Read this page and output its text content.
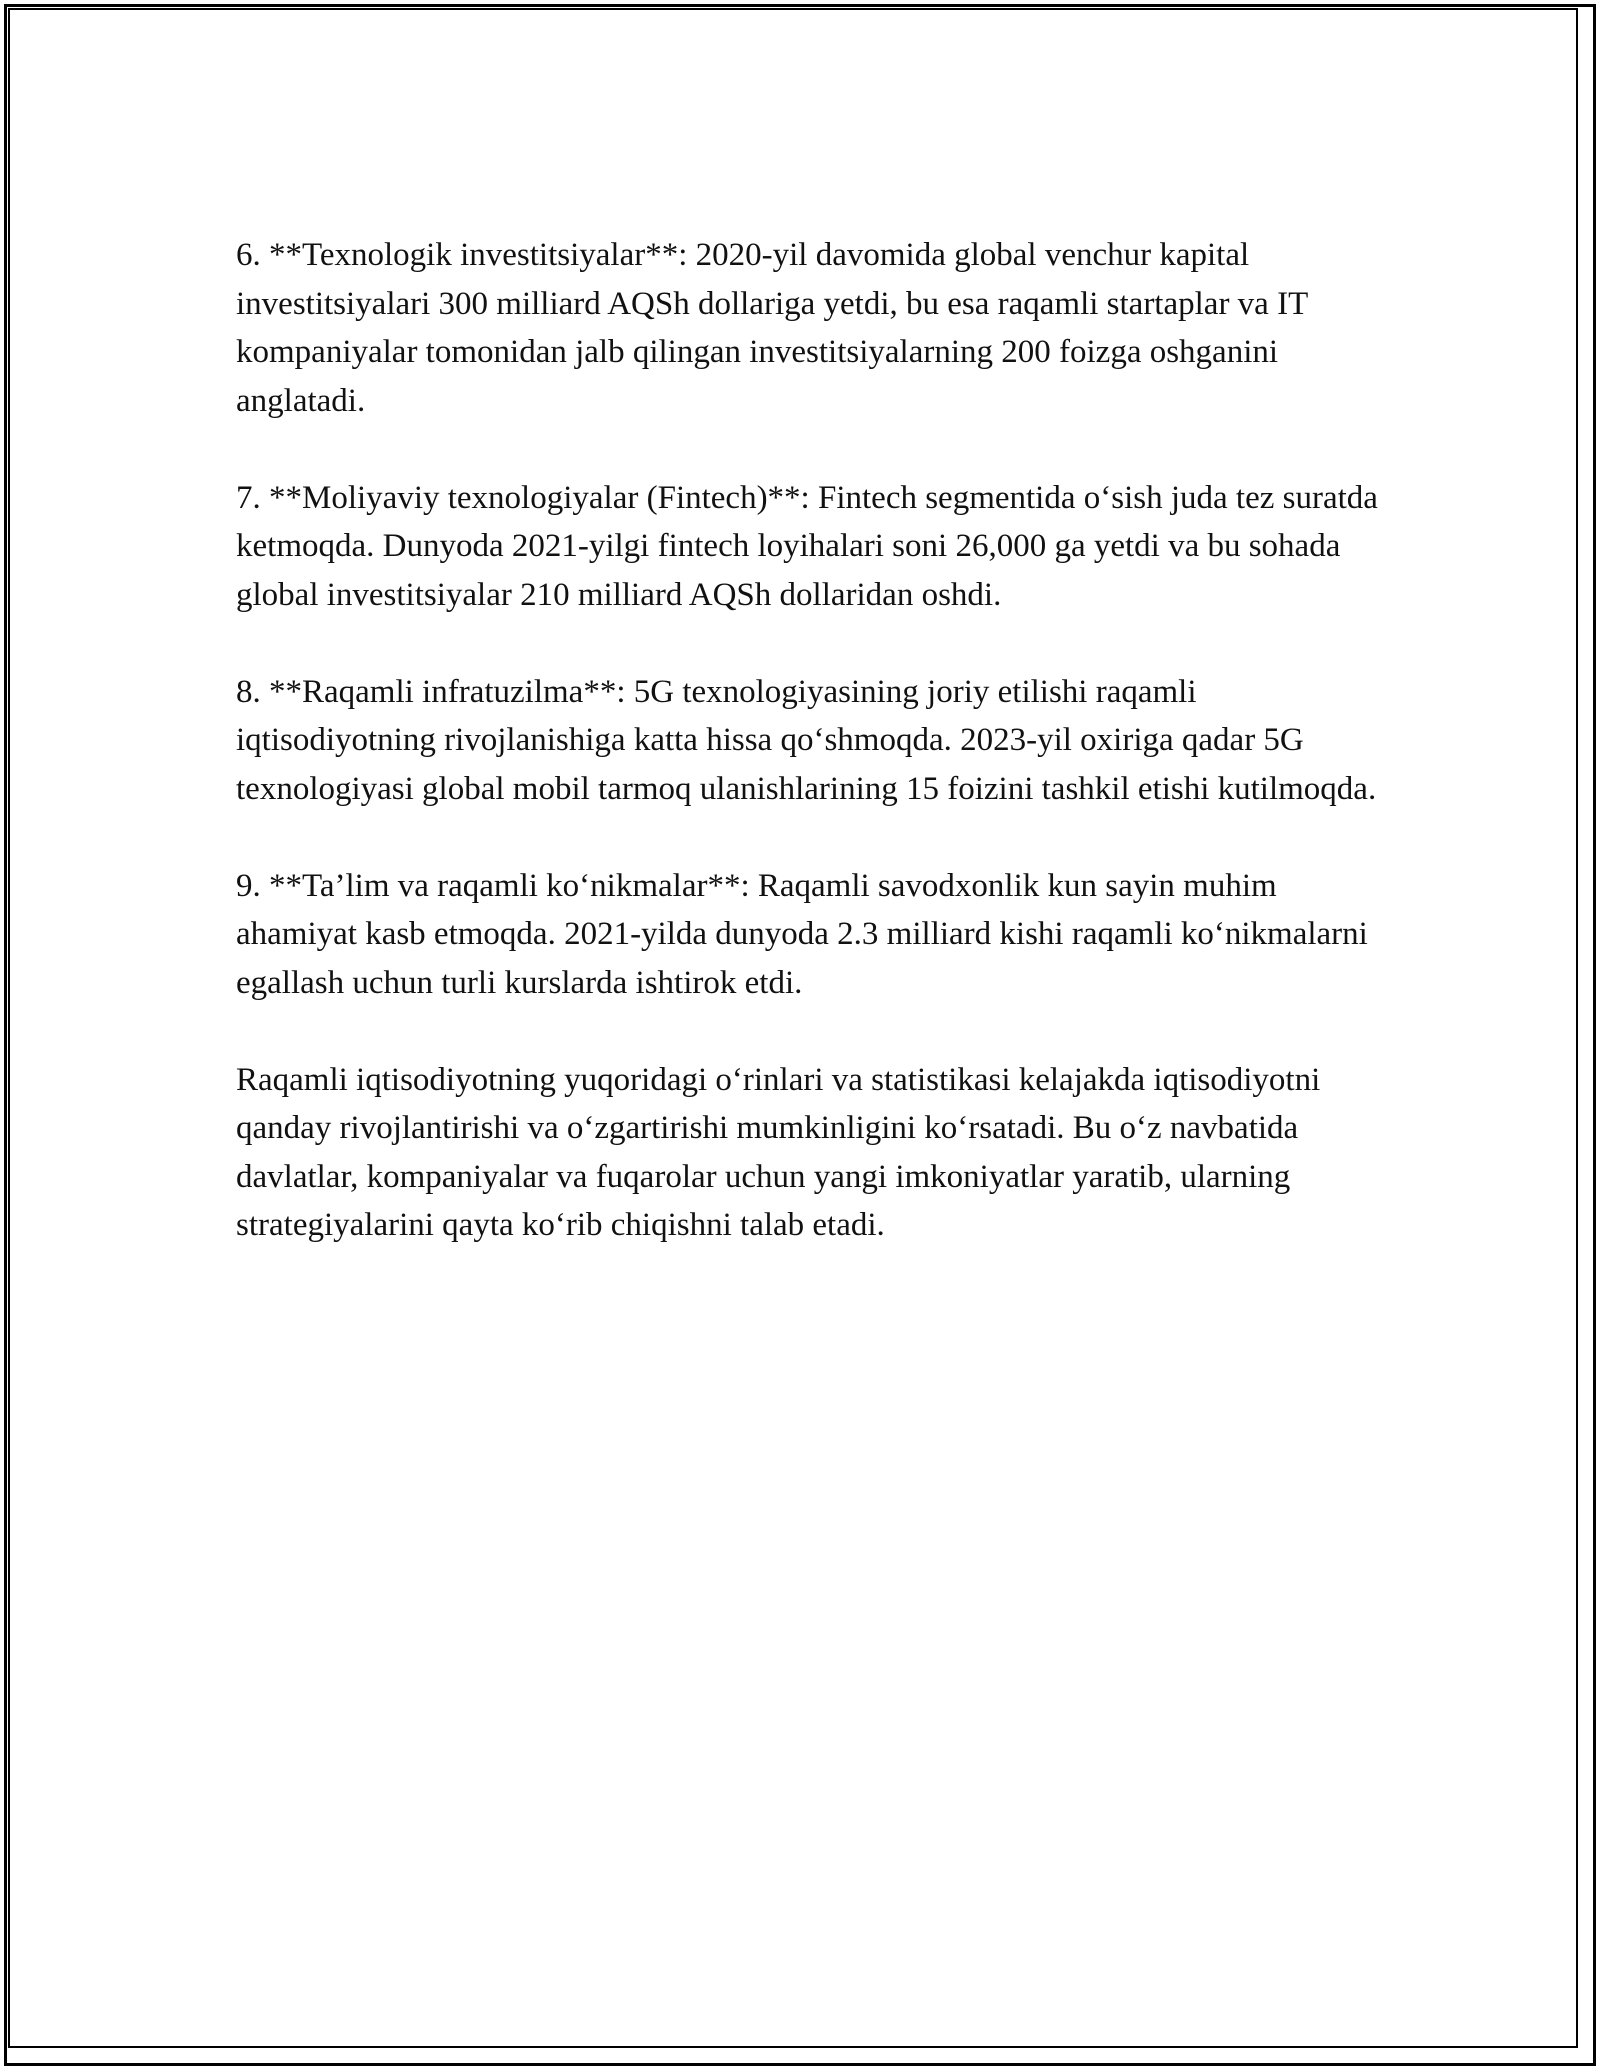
6. **Texnologik investitsiyalar**: 2020-yil davomida global venchur kapital investitsiyalari 300 milliard AQSh dollariga yetdi, bu esa raqamli startaplar va IT kompaniyalar tomonidan jalb qilingan investitsiyalarning 200 foizga oshganini anglatadi.

7. **Moliyaviy texnologiyalar (Fintech)**: Fintech segmentida o‘sish juda tez suratda ketmoqda. Dunyoda 2021-yilgi fintech loyihalari soni 26,000 ga yetdi va bu sohada global investitsiyalar 210 milliard AQSh dollaridan oshdi.

8. **Raqamli infratuzilma**: 5G texnologiyasining joriy etilishi raqamli iqtisodiyotning rivojlanishiga katta hissa qo‘shmoqda. 2023-yil oxiriga qadar 5G texnologiyasi global mobil tarmoq ulanishlarining 15 foizini tashkil etishi kutilmoqda.

9. **Ta’lim va raqamli ko‘nikmalar**: Raqamli savodxonlik kun sayin muhim ahamiyat kasb etmoqda. 2021-yilda dunyoda 2.3 milliard kishi raqamli ko‘nikmalarni egallash uchun turli kurslarda ishtirok etdi.

Raqamli iqtisodiyotning yuqoridagi o‘rinlari va statistikasi kelajakda iqtisodiyotni qanday rivojlantirishi va o‘zgartirishi mumkinligini ko‘rsatadi. Bu o‘z navbatida davlatlar, kompaniyalar va fuqarolar uchun yangi imkoniyatlar yaratib, ularning strategiyalarini qayta ko‘rib chiqishni talab etadi.
